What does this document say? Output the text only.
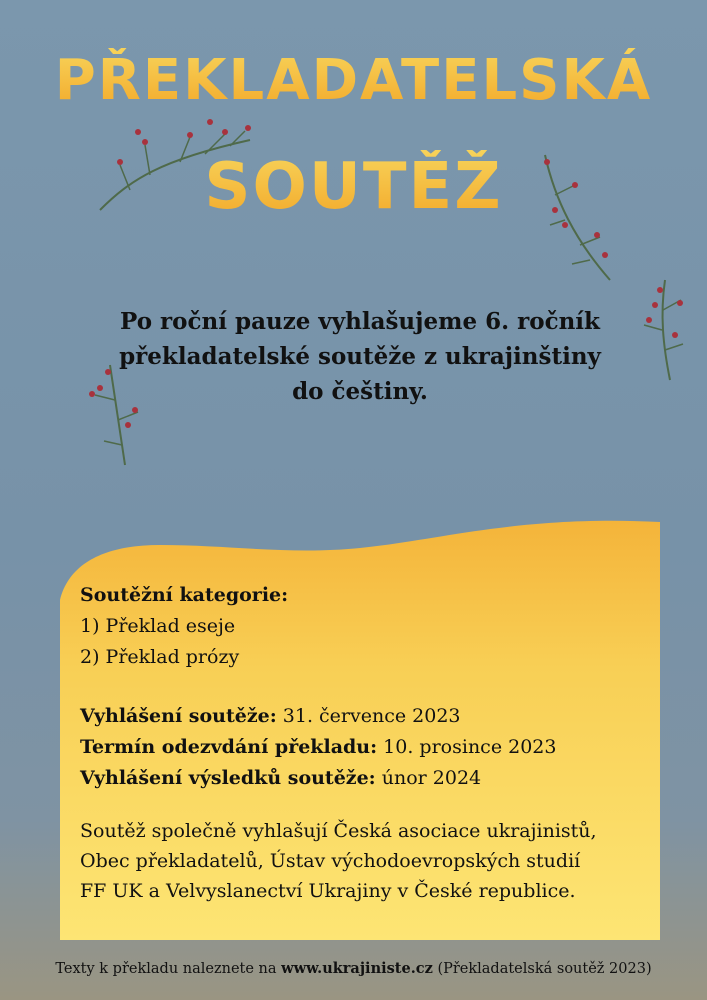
PŘEKLADATELSKÁ
SOUTĚŽ
Po roční pauze vyhlašujeme 6. ročník
překladatelské soutěže z ukrajinštiny
do češtiny.
Soutěžní kategorie:
1) Překlad eseje
2) Překlad prózy
Vyhlášení soutěže: 31. července 2023
Termín odezvdání překladu: 10. prosince 2023
Vyhlášení výsledků soutěže: únor 2024
Soutěž společně vyhlašují Česká asociace ukrajinistů,
Obec překladatelů, Ústav východoevropských studií
FF UK a Velvyslanectví Ukrajiny v České republice.
Texty k překladu naleznete na www.ukrajiniste.cz (Překladatelská soutěž 2023)
